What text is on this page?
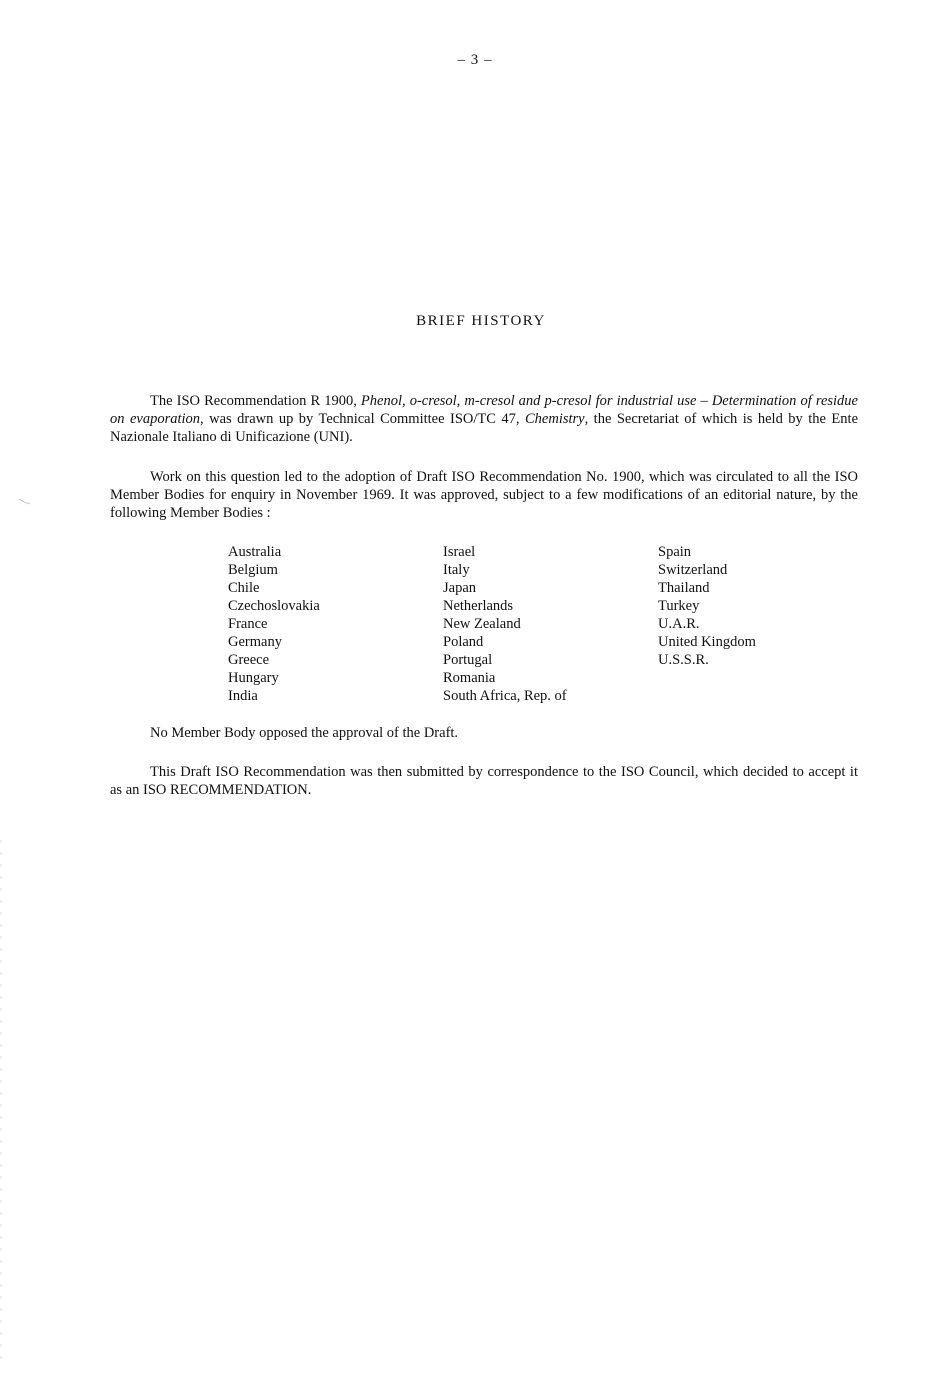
– 3 –
BRIEF HISTORY

The ISO Recommendation R 1900, Phenol, o-cresol, m-cresol and p-cresol for industrial use – Determination of residue on evaporation, was drawn up by Technical Committee ISO/TC 47, Chemistry, the Secretariat of which is held by the Ente Nazionale Italiano di Unificazione (UNI).

Work on this question led to the adoption of Draft ISO Recommendation No. 1900, which was circulated to all the ISO Member Bodies for enquiry in November 1969. It was approved, subject to a few modifications of an editorial nature, by the following Member Bodies :

Australia
Belgium
Chile
Czechoslovakia
France
Germany
Greece
Hungary
India
Israel
Italy
Japan
Netherlands
New Zealand
Poland
Portugal
Romania
South Africa, Rep. of
Spain
Switzerland
Thailand
Turkey
U.A.R.
United Kingdom
U.S.S.R.

No Member Body opposed the approval of the Draft.

This Draft ISO Recommendation was then submitted by correspondence to the ISO Council, which decided to accept it as an ISO RECOMMENDATION.
